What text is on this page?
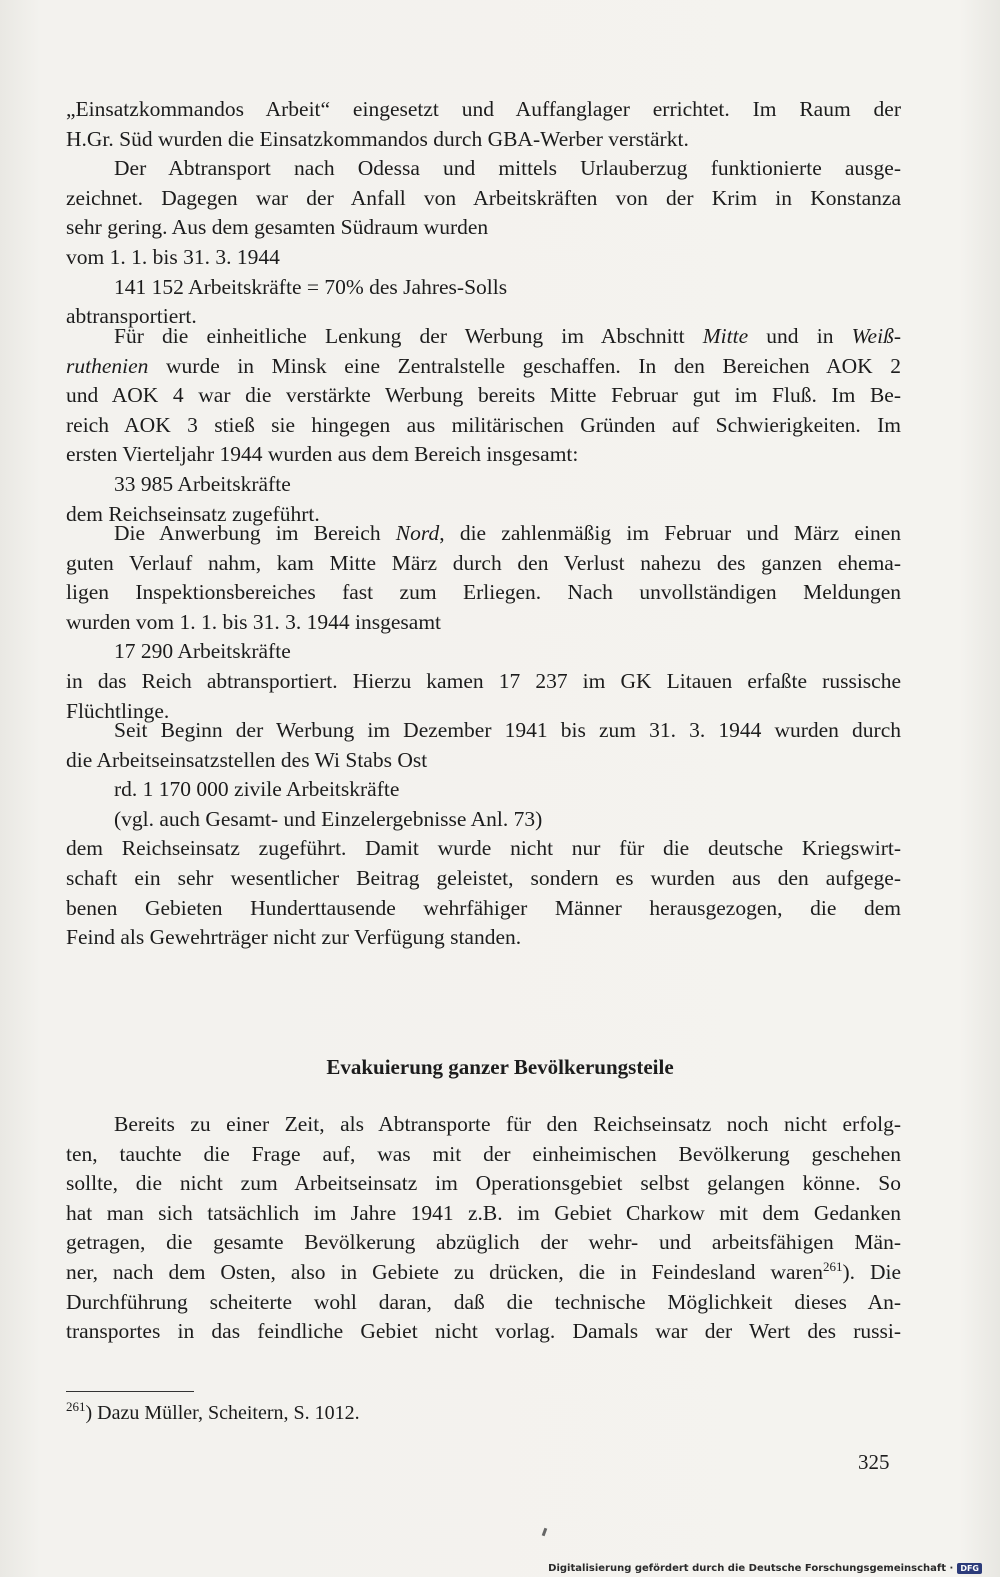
„Einsatzkommandos Arbeit“ eingesetzt und Auffanglager errichtet. Im Raum der
H.Gr. Süd wurden die Einsatzkommandos durch GBA-Werber verstärkt.
Der Abtransport nach Odessa und mittels Urlauberzug funktionierte ausge-
zeichnet. Dagegen war der Anfall von Arbeitskräften von der Krim in Konstanza
sehr gering. Aus dem gesamten Südraum wurden
vom 1. 1. bis 31. 3. 1944
141 152 Arbeitskräfte = 70% des Jahres-Solls
abtransportiert.
Für die einheitliche Lenkung der Werbung im Abschnitt Mitte und in Weiß-
ruthenien wurde in Minsk eine Zentralstelle geschaffen. In den Bereichen AOK 2
und AOK 4 war die verstärkte Werbung bereits Mitte Februar gut im Fluß. Im Be-
reich AOK 3 stieß sie hingegen aus militärischen Gründen auf Schwierigkeiten. Im
ersten Vierteljahr 1944 wurden aus dem Bereich insgesamt:
33 985 Arbeitskräfte
dem Reichseinsatz zugeführt.
Die Anwerbung im Bereich Nord, die zahlenmäßig im Februar und März einen
guten Verlauf nahm, kam Mitte März durch den Verlust nahezu des ganzen ehema-
ligen Inspektionsbereiches fast zum Erliegen. Nach unvollständigen Meldungen
wurden vom 1. 1. bis 31. 3. 1944 insgesamt
17 290 Arbeitskräfte
in das Reich abtransportiert. Hierzu kamen 17 237 im GK Litauen erfaßte russische
Flüchtlinge.
Seit Beginn der Werbung im Dezember 1941 bis zum 31. 3. 1944 wurden durch
die Arbeitseinsatzstellen des Wi Stabs Ost
rd. 1 170 000 zivile Arbeitskräfte
(vgl. auch Gesamt- und Einzelergebnisse Anl. 73)
dem Reichseinsatz zugeführt. Damit wurde nicht nur für die deutsche Kriegswirt-
schaft ein sehr wesentlicher Beitrag geleistet, sondern es wurden aus den aufgege-
benen Gebieten Hunderttausende wehrfähiger Männer herausgezogen, die dem
Feind als Gewehrträger nicht zur Verfügung standen.
Evakuierung ganzer Bevölkerungsteile
Bereits zu einer Zeit, als Abtransporte für den Reichseinsatz noch nicht erfolg-
ten, tauchte die Frage auf, was mit der einheimischen Bevölkerung geschehen
sollte, die nicht zum Arbeitseinsatz im Operationsgebiet selbst gelangen könne. So
hat man sich tatsächlich im Jahre 1941 z.B. im Gebiet Charkow mit dem Gedanken
getragen, die gesamte Bevölkerung abzüglich der wehr- und arbeitsfähigen Män-
ner, nach dem Osten, also in Gebiete zu drücken, die in Feindesland waren$^{261}$). Die
Durchführung scheiterte wohl daran, daß die technische Möglichkeit dieses An-
transportes in das feindliche Gebiet nicht vorlag. Damals war der Wert des russi-
$^{261}$) Dazu Müller, Scheitern, S. 1012.
325
Digitalisierung gefördert durch die Deutsche Forschungsgemeinschaft · DFG
